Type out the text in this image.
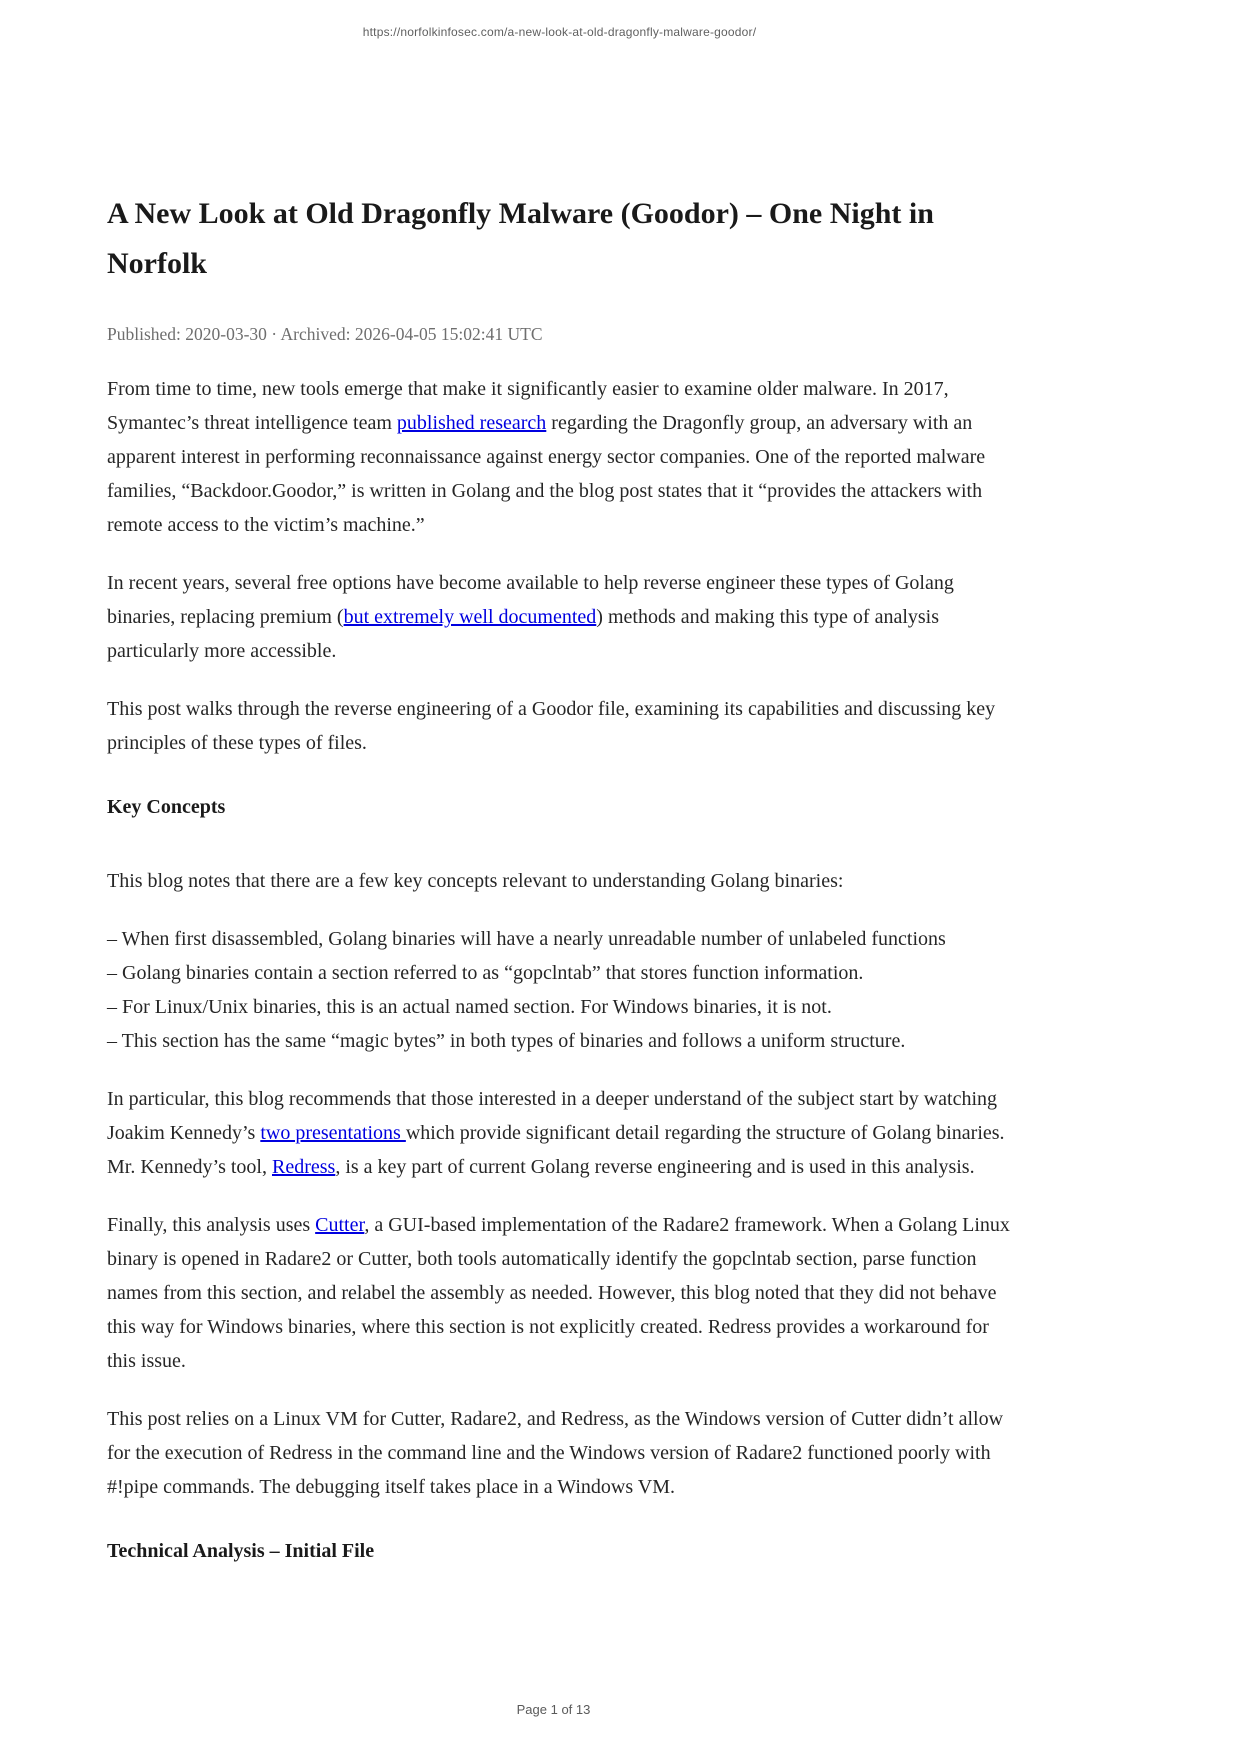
https://norfolkinfosec.com/a-new-look-at-old-dragonfly-malware-goodor/
A New Look at Old Dragonfly Malware (Goodor) – One Night in Norfolk
Published: 2020-03-30 · Archived: 2026-04-05 15:02:41 UTC

From time to time, new tools emerge that make it significantly easier to examine older malware. In 2017, Symantec’s threat intelligence team published research regarding the Dragonfly group, an adversary with an apparent interest in performing reconnaissance against energy sector companies. One of the reported malware families, “Backdoor.Goodor,” is written in Golang and the blog post states that it “provides the attackers with remote access to the victim’s machine.”

In recent years, several free options have become available to help reverse engineer these types of Golang binaries, replacing premium (but extremely well documented) methods and making this type of analysis particularly more accessible.

This post walks through the reverse engineering of a Goodor file, examining its capabilities and discussing key principles of these types of files.

Key Concepts

This blog notes that there are a few key concepts relevant to understanding Golang binaries:

– When first disassembled, Golang binaries will have a nearly unreadable number of unlabeled functions
– Golang binaries contain a section referred to as “gopclntab” that stores function information.
– For Linux/Unix binaries, this is an actual named section. For Windows binaries, it is not.
– This section has the same “magic bytes” in both types of binaries and follows a uniform structure.

In particular, this blog recommends that those interested in a deeper understand of the subject start by watching Joakim Kennedy’s two presentations which provide significant detail regarding the structure of Golang binaries. Mr. Kennedy’s tool, Redress, is a key part of current Golang reverse engineering and is used in this analysis.

Finally, this analysis uses Cutter, a GUI-based implementation of the Radare2 framework. When a Golang Linux binary is opened in Radare2 or Cutter, both tools automatically identify the gopclntab section, parse function names from this section, and relabel the assembly as needed. However, this blog noted that they did not behave this way for Windows binaries, where this section is not explicitly created. Redress provides a workaround for this issue.

This post relies on a Linux VM for Cutter, Radare2, and Redress, as the Windows version of Cutter didn’t allow for the execution of Redress in the command line and the Windows version of Radare2 functioned poorly with #!pipe commands. The debugging itself takes place in a Windows VM.

Technical Analysis – Initial File
Page 1 of 13
